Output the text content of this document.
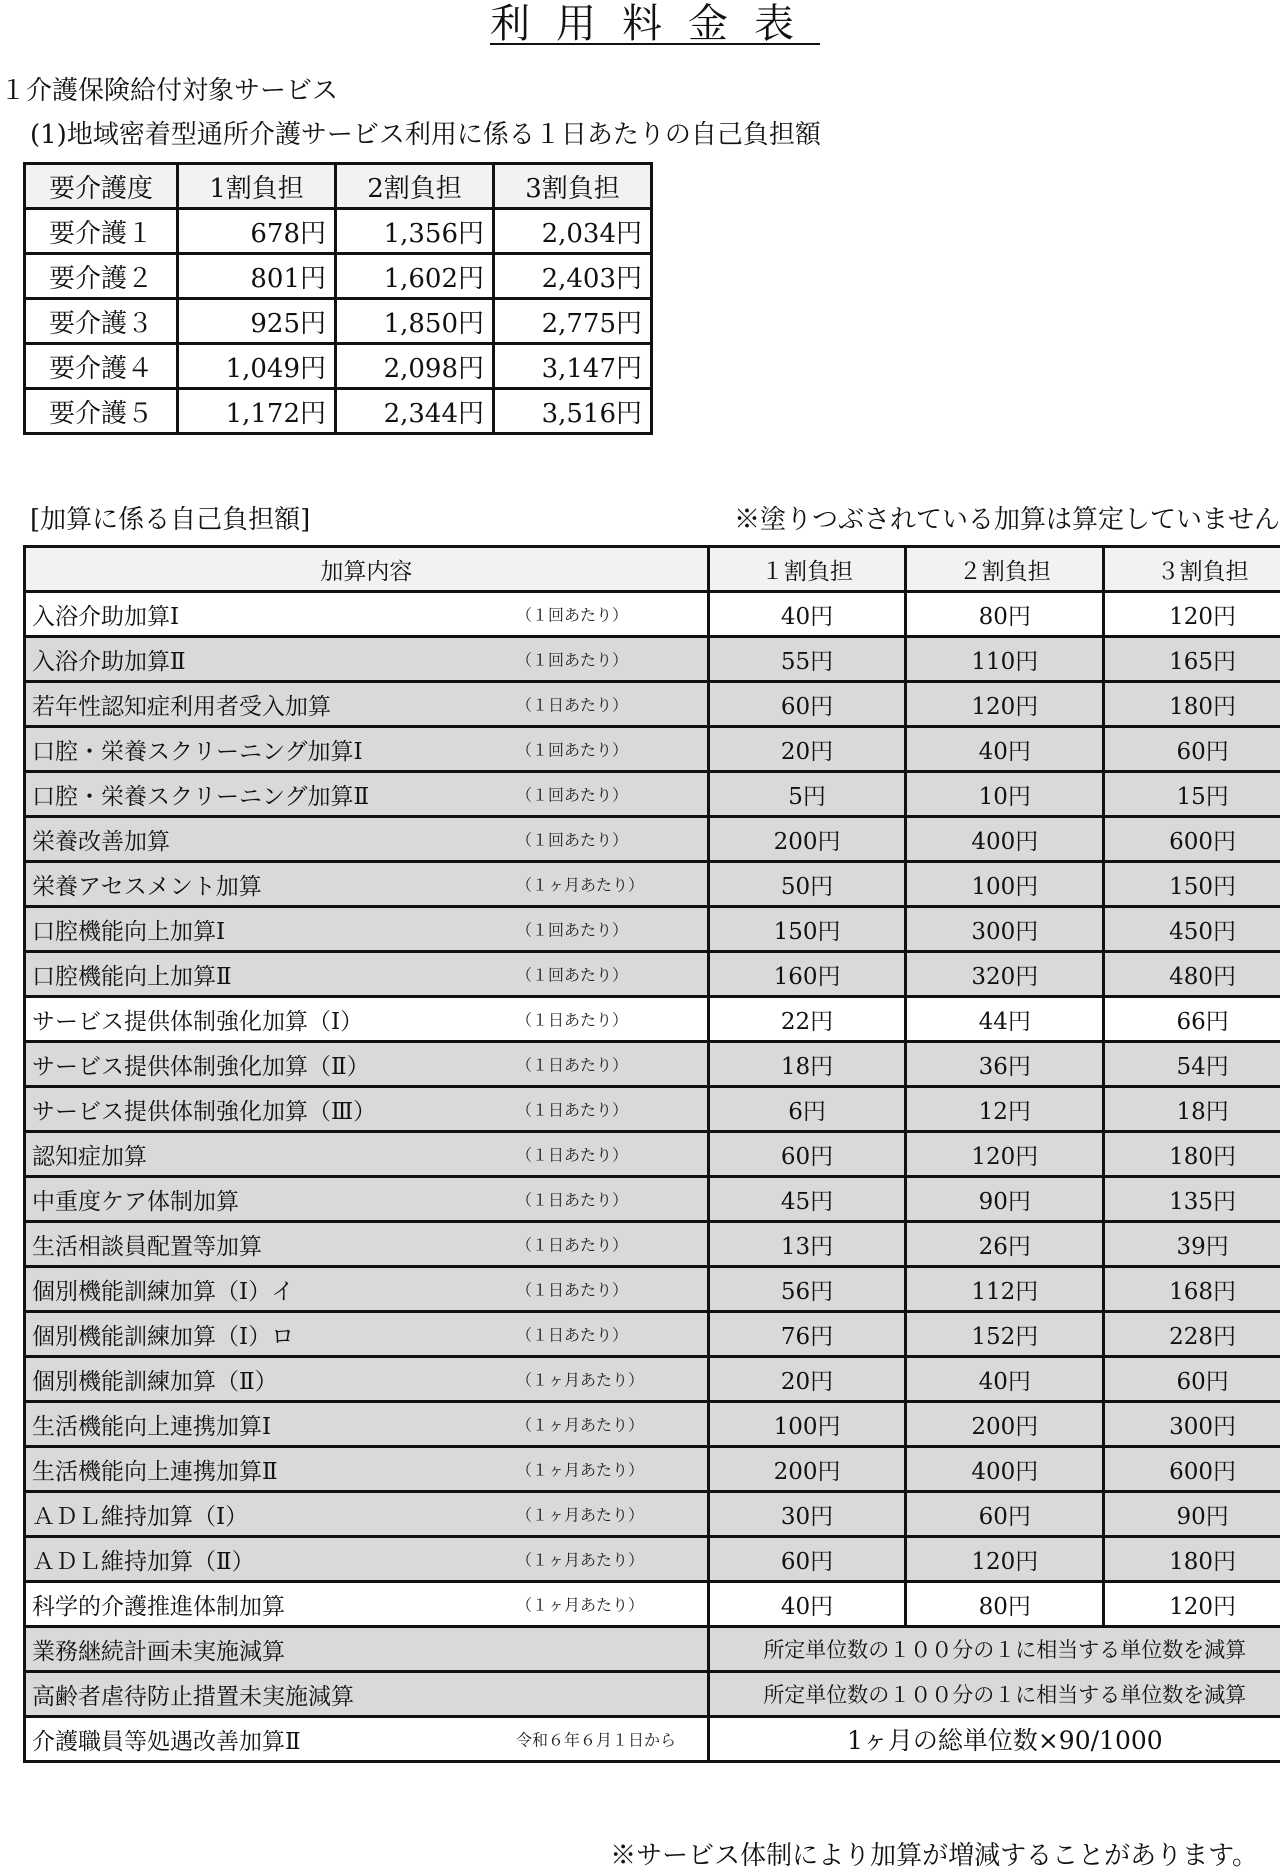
利用料金表
１介護保険給付対象サービス
(1)地域密着型通所介護サービス利用に係る１日あたりの自己負担額
要介護度	1割負担	2割負担	3割負担
要介護１	678円	1,356円	2,034円
要介護２	801円	1,602円	2,403円
要介護３	925円	1,850円	2,775円
要介護４	1,049円	2,098円	3,147円
要介護５	1,172円	2,344円	3,516円
[加算に係る自己負担額]	※塗りつぶされている加算は算定していません
加算内容	１割負担	２割負担	３割負担
入浴介助加算Ⅰ （１回あたり）	40円	80円	120円
入浴介助加算Ⅱ （１回あたり）	55円	110円	165円
若年性認知症利用者受入加算 （１日あたり）	60円	120円	180円
口腔・栄養スクリーニング加算Ⅰ （１回あたり）	20円	40円	60円
口腔・栄養スクリーニング加算Ⅱ （１回あたり）	5円	10円	15円
栄養改善加算 （１回あたり）	200円	400円	600円
栄養アセスメント加算 （１ヶ月あたり）	50円	100円	150円
口腔機能向上加算Ⅰ （１回あたり）	150円	300円	450円
口腔機能向上加算Ⅱ （１回あたり）	160円	320円	480円
サービス提供体制強化加算（Ⅰ） （１日あたり）	22円	44円	66円
サービス提供体制強化加算（Ⅱ） （１日あたり）	18円	36円	54円
サービス提供体制強化加算（Ⅲ） （１日あたり）	6円	12円	18円
認知症加算 （１日あたり）	60円	120円	180円
中重度ケア体制加算 （１日あたり）	45円	90円	135円
生活相談員配置等加算 （１日あたり）	13円	26円	39円
個別機能訓練加算（Ⅰ）イ （１日あたり）	56円	112円	168円
個別機能訓練加算（Ⅰ）ロ （１日あたり）	76円	152円	228円
個別機能訓練加算（Ⅱ） （１ヶ月あたり）	20円	40円	60円
生活機能向上連携加算Ⅰ （１ヶ月あたり）	100円	200円	300円
生活機能向上連携加算Ⅱ （１ヶ月あたり）	200円	400円	600円
ＡＤＬ維持加算（Ⅰ） （１ヶ月あたり）	30円	60円	90円
ＡＤＬ維持加算（Ⅱ） （１ヶ月あたり）	60円	120円	180円
科学的介護推進体制加算 （１ヶ月あたり）	40円	80円	120円
業務継続計画未実施減算	所定単位数の１００分の１に相当する単位数を減算		
高齢者虐待防止措置未実施減算	所定単位数の１００分の１に相当する単位数を減算		
介護職員等処遇改善加算Ⅱ 令和６年６月１日から	1ヶ月の総単位数×90/1000		
※サービス体制により加算が増減することがあります。
